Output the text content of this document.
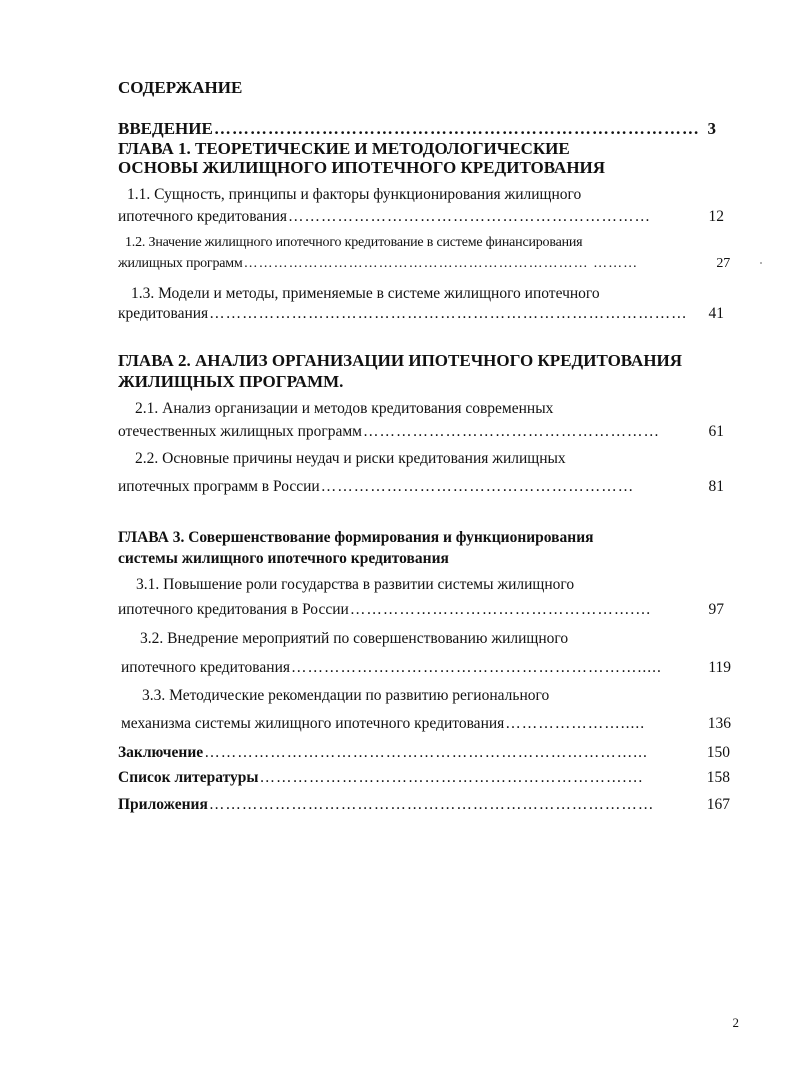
СОДЕРЖАНИЕ
ВВЕДЕНИЕ ……………………………………………………………………… 3
ГЛАВА 1. ТЕОРЕТИЧЕСКИЕ И МЕТОДОЛОГИЧЕСКИЕ
ОСНОВЫ ЖИЛИЩНОГО ИПОТЕЧНОГО КРЕДИТОВАНИЯ
1.1. Сущность, принципы и факторы функционирования жилищного
ипотечного кредитования …………………………………………………………	12
1.2. Значение жилищного ипотечного кредитование в системе финансирования
жилищных программ …………………………………………………………… ………	27
1.3. Модели и методы, применяемые в системе жилищного ипотечного
кредитования ……………………………………………………………………………	41
ГЛАВА 2. АНАЛИЗ ОРГАНИЗАЦИИ ИПОТЕЧНОГО КРЕДИТОВАНИЯ
ЖИЛИЩНЫХ ПРОГРАММ.
2.1. Анализ организации и методов кредитования современных
отечественных жилищных программ ………………………………………………	61
2.2. Основные причины неудач и риски кредитования жилищных
ипотечных программ в России …………………………………………………	81
ГЛАВА 3. Совершенствование формирования и функционирования
системы жилищного ипотечного кредитования
3.1. Повышение роли государства в развитии системы жилищного
ипотечного кредитования в России …………………………………………….…	97
3.2. Внедрение мероприятий по совершенствованию жилищного
ипотечного кредитования ……………………………………………………….....	119
3.3. Методические рекомендации по развитию регионального
механизма системы жилищного ипотечного кредитования ………………….....	136
Заключение ……………………………………………………………………...	150
Список литературы ………………………………………………………….…	158
Приложения ………………………………………………………………………	167
2
